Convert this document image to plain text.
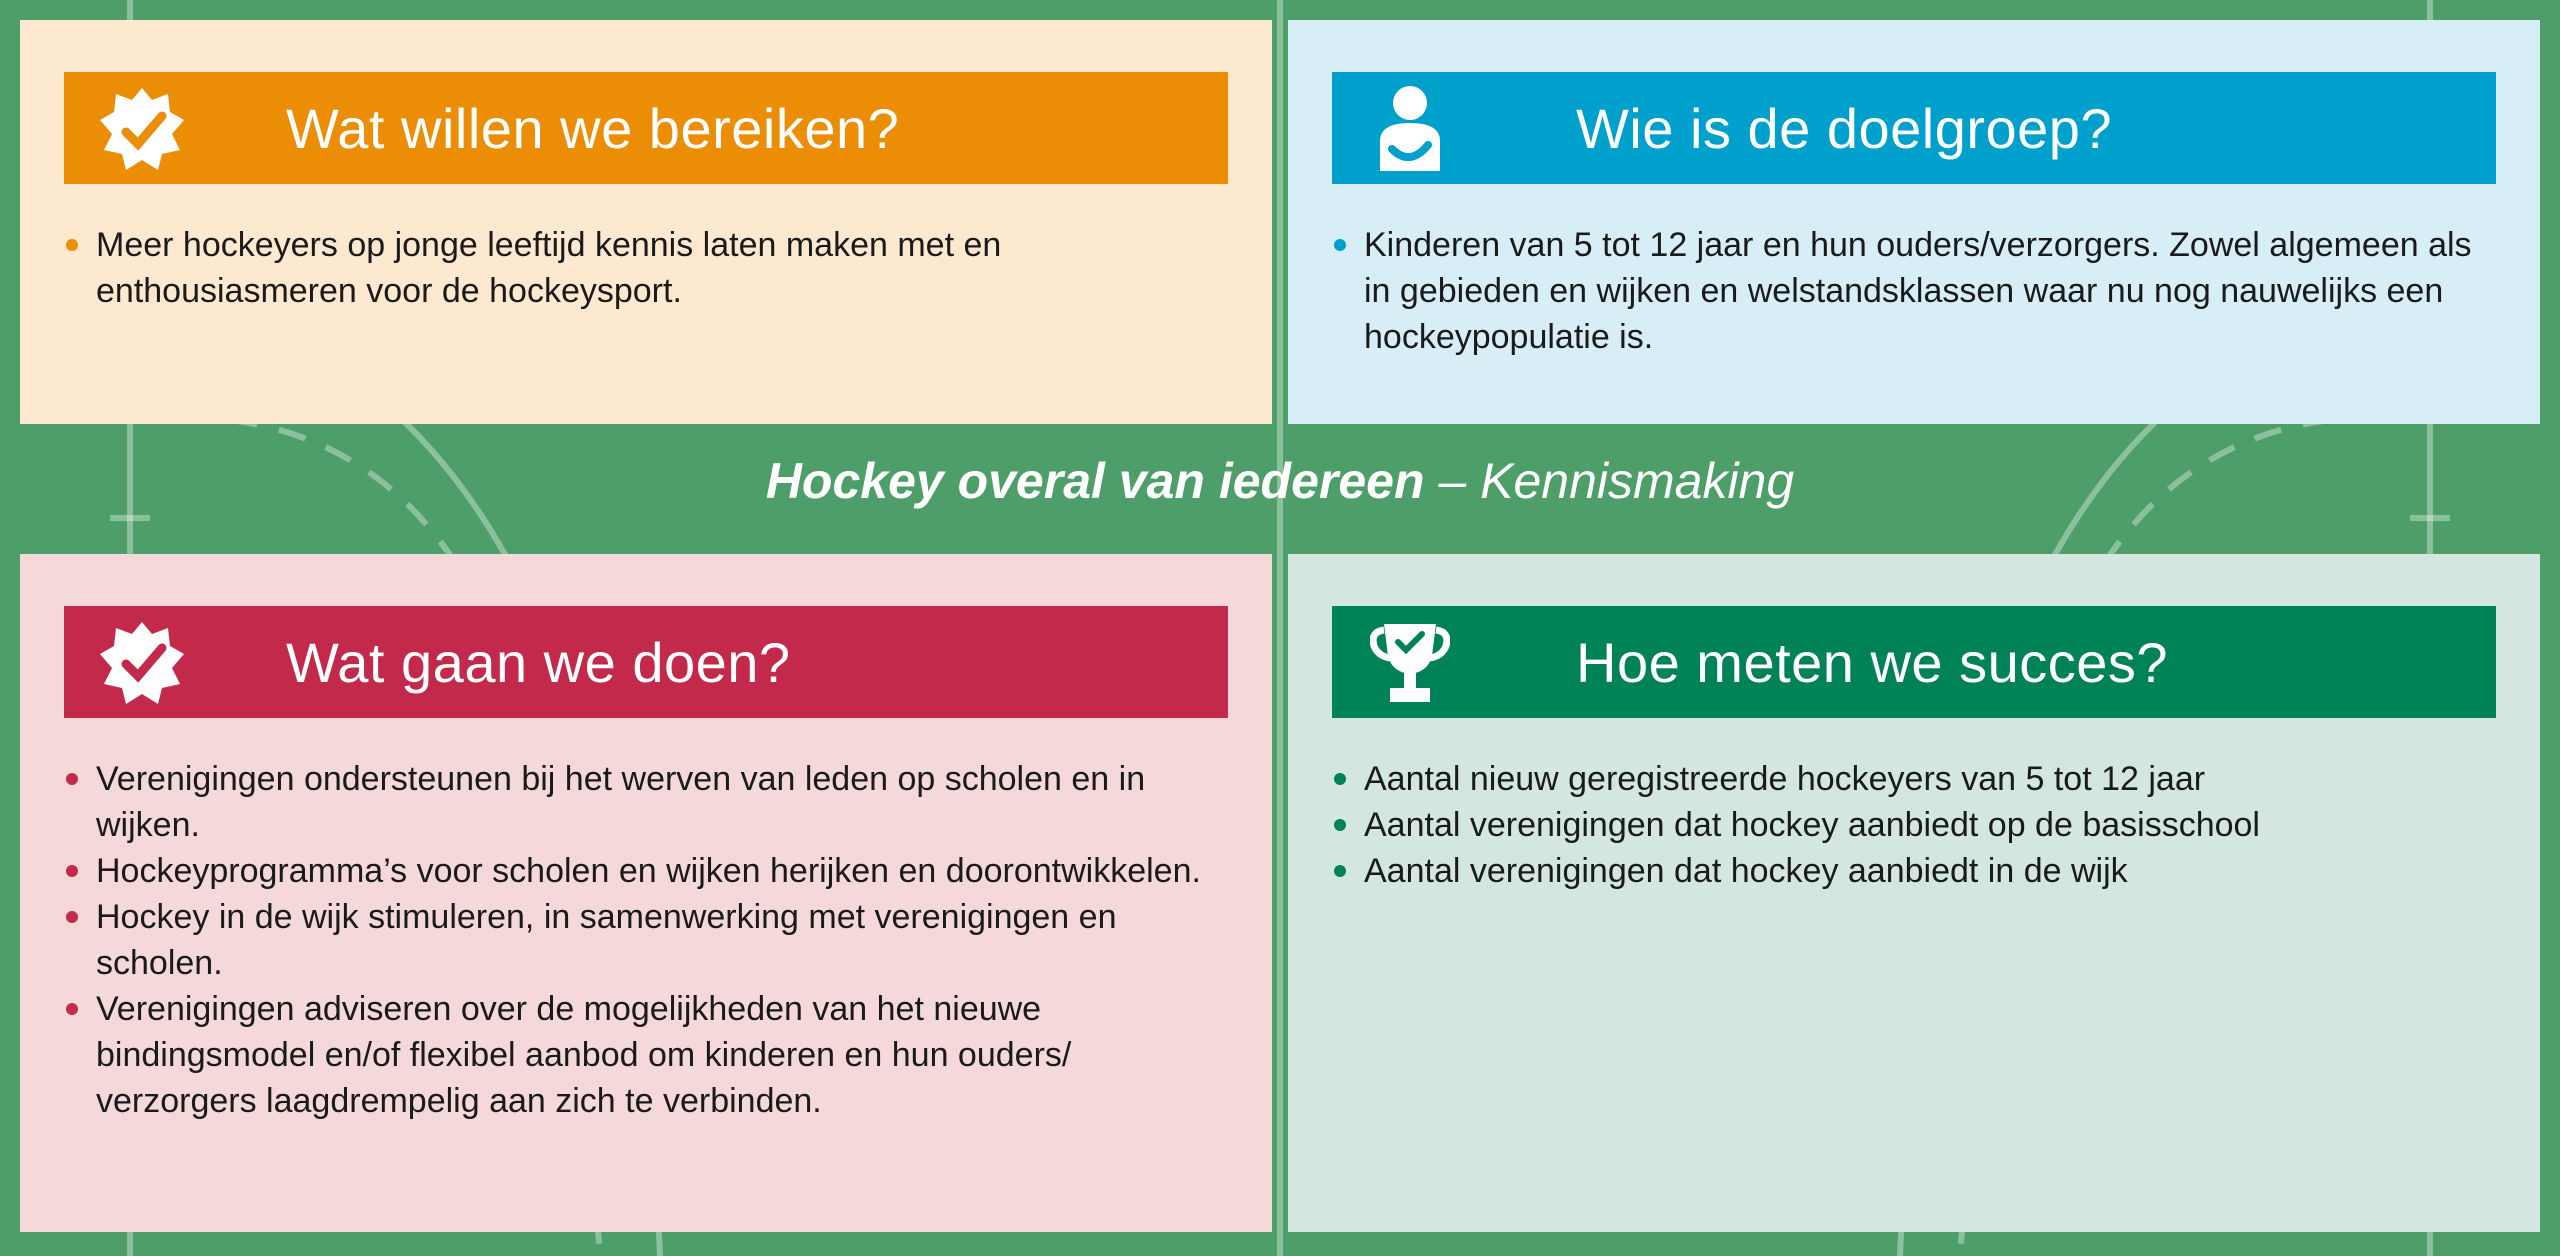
Wat willen we bereiken?
Meer hockeyers op jonge leeftijd kennis laten maken met en enthousiasmeren voor de hockeysport.
Wie is de doelgroep?
Kinderen van 5 tot 12 jaar en hun ouders/verzorgers. Zowel algemeen als in gebieden en wijken en welstandsklassen waar nu nog nauwelijks een hockeypopulatie is.
Hockey overal van iedereen – Kennismaking
Wat gaan we doen?
Verenigingen ondersteunen bij het werven van leden op scholen en in wijken.
Hockeyprogramma’s voor scholen en wijken herijken en doorontwikkelen.
Hockey in de wijk stimuleren, in samenwerking met verenigingen en scholen.
Verenigingen adviseren over de mogelijkheden van het nieuwe bindingsmodel en/of flexibel aanbod om kinderen en hun ouders/ verzorgers laagdrempelig aan zich te verbinden.
Hoe meten we succes?
Aantal nieuw geregistreerde hockeyers van 5 tot 12 jaar
Aantal verenigingen dat hockey aanbiedt op de basisschool
Aantal verenigingen dat hockey aanbiedt in de wijk
